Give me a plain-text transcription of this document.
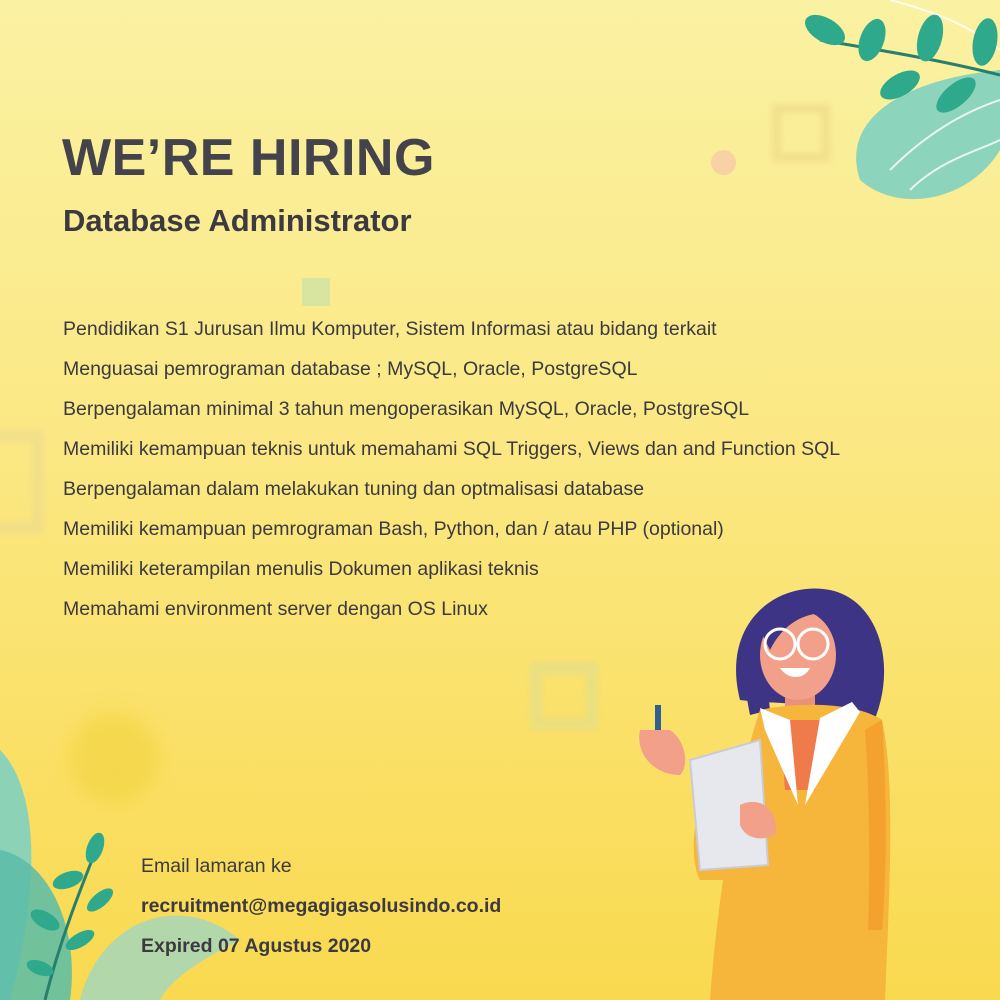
WE’RE HIRING
Database Administrator
Pendidikan S1 Jurusan Ilmu Komputer, Sistem Informasi atau bidang terkait
Menguasai pemrograman database ; MySQL, Oracle, PostgreSQL
Berpengalaman minimal 3 tahun mengoperasikan MySQL, Oracle, PostgreSQL
Memiliki kemampuan teknis untuk memahami SQL Triggers, Views dan and Function SQL
Berpengalaman dalam melakukan tuning dan optmalisasi database
Memiliki kemampuan pemrograman Bash, Python, dan / atau PHP (optional)
Memiliki keterampilan menulis Dokumen aplikasi teknis
Memahami environment server dengan OS Linux
Email lamaran ke
recruitment@megagigasolusindo.co.id
Expired 07 Agustus 2020
